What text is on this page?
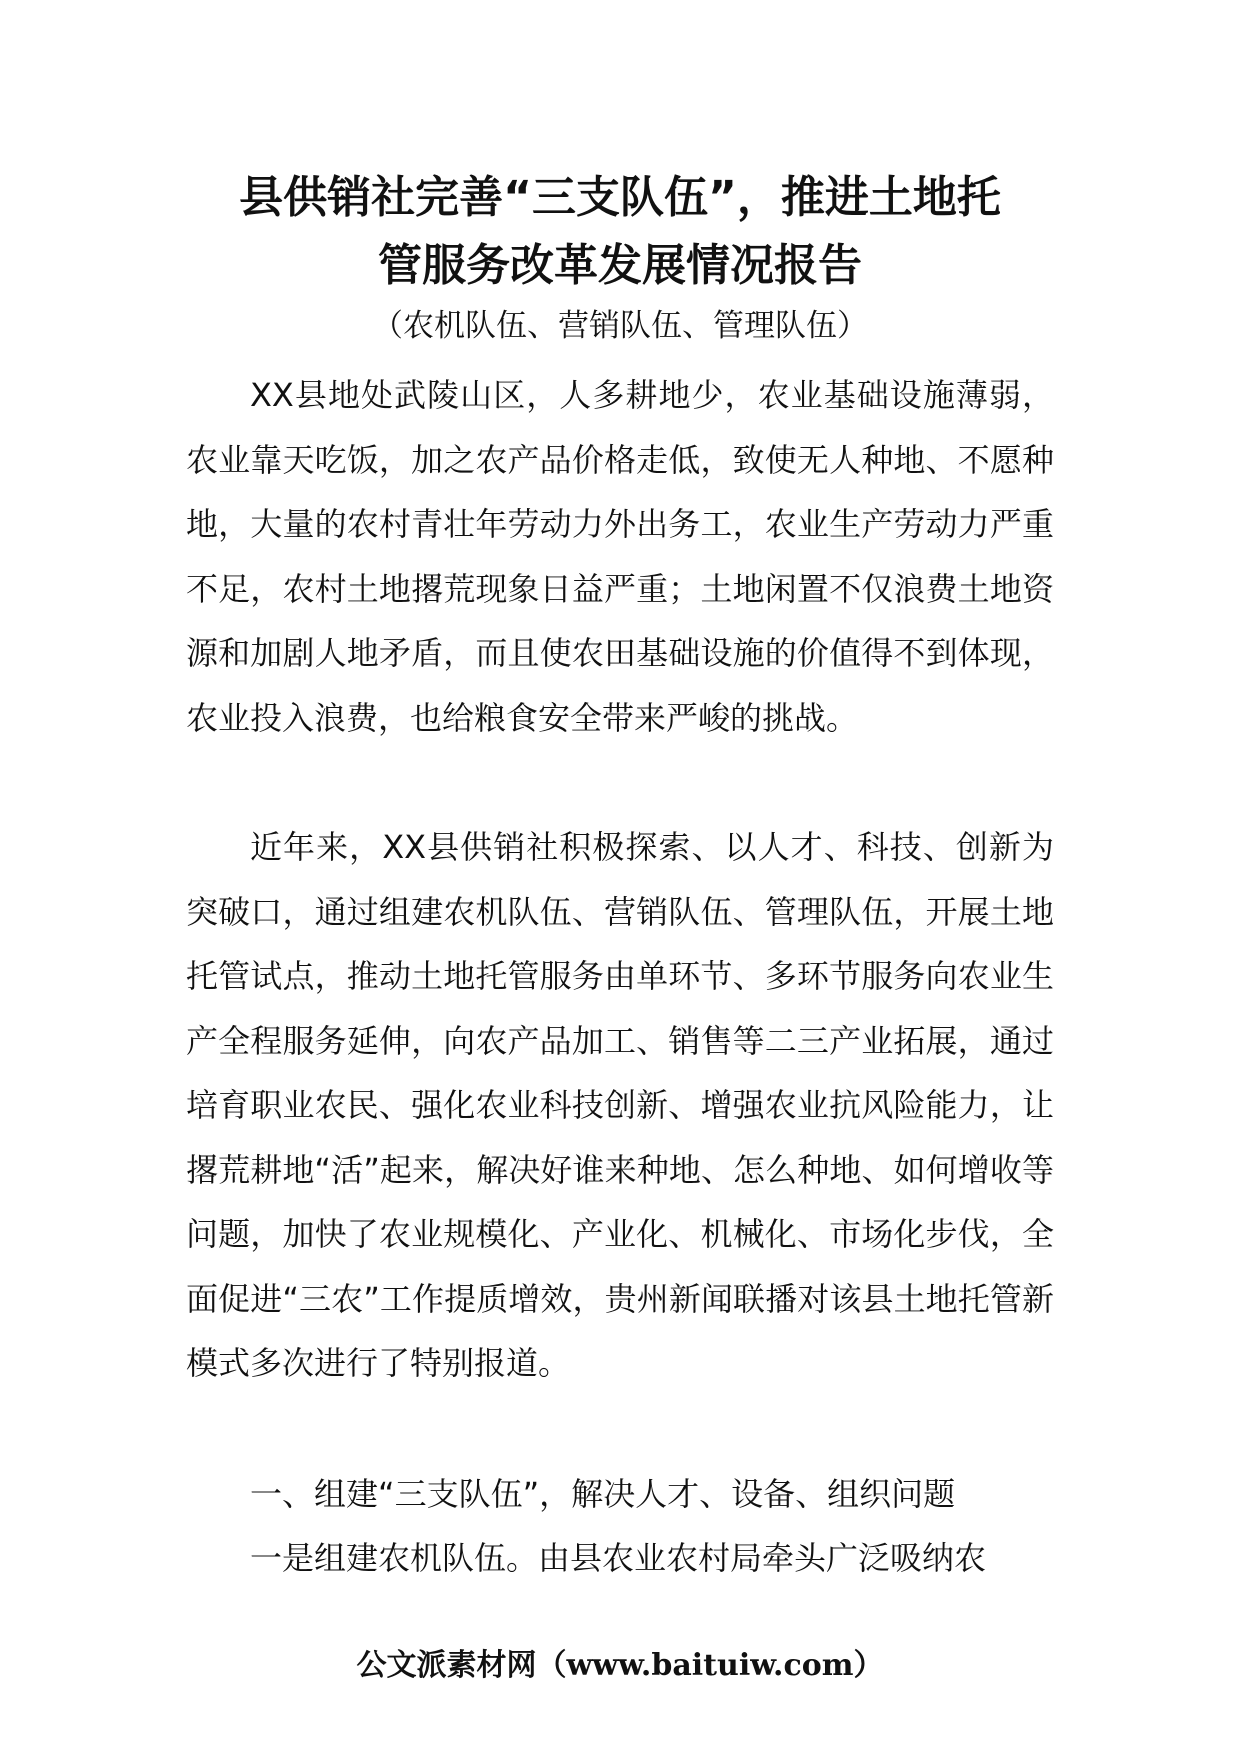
县供销社完善“三支队伍”，推进土地托
管服务改革发展情况报告

（农机队伍、营销队伍、管理队伍）

XX县地处武陵山区，人多耕地少，农业基础设施薄弱，农业靠天吃饭，加之农产品价格走低，致使无人种地、不愿种地，大量的农村青壮年劳动力外出务工，农业生产劳动力严重不足，农村土地撂荒现象日益严重；土地闲置不仅浪费土地资源和加剧人地矛盾，而且使农田基础设施的价值得不到体现，农业投入浪费，也给粮食安全带来严峻的挑战。

近年来，XX县供销社积极探索、以人才、科技、创新为突破口，通过组建农机队伍、营销队伍、管理队伍，开展土地托管试点，推动土地托管服务由单环节、多环节服务向农业生产全程服务延伸，向农产品加工、销售等二三产业拓展，通过培育职业农民、强化农业科技创新、增强农业抗风险能力，让撂荒耕地“活”起来，解决好谁来种地、怎么种地、如何增收等问题，加快了农业规模化、产业化、机械化、市场化步伐，全面促进“三农”工作提质增效，贵州新闻联播对该县土地托管新模式多次进行了特别报道。

一、组建“三支队伍”，解决人才、设备、组织问题

一是组建农机队伍。由县农业农村局牵头广泛吸纳农

公文派素材网（www.baituiw.com）
